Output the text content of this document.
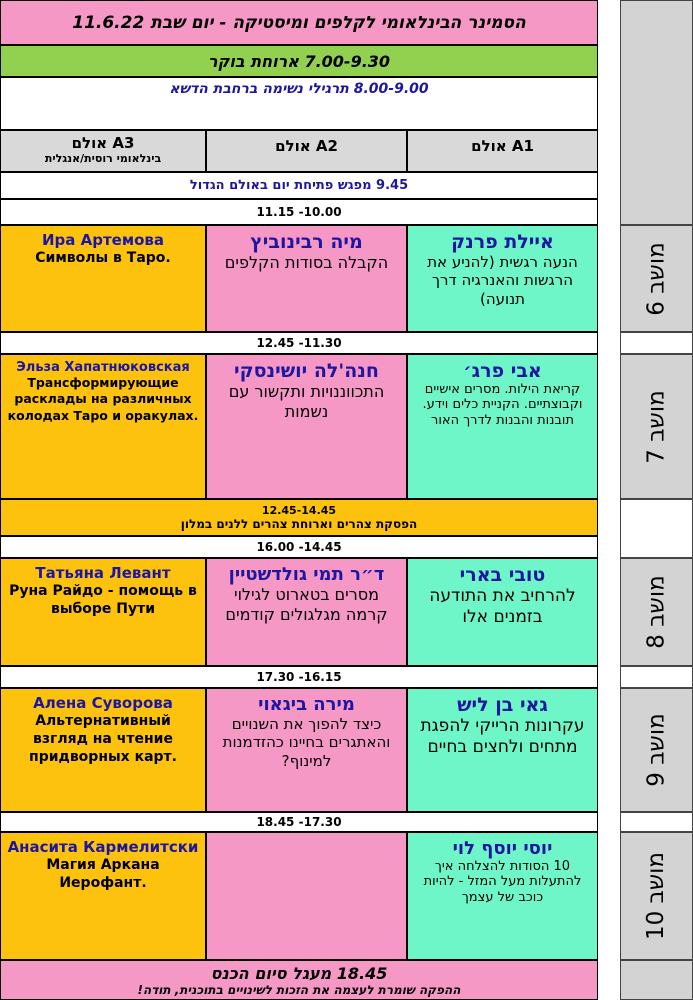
הסמינר הבינלאומי לקלפים ומיסטיקה - יום שבת 11.6.22
7.00-9.30 ארוחת בוקר
8.00-9.00 תרגילי נשימה ברחבת הדשא
אולם A3
בינלאומי רוסית/אנגלית
אולם A2	אולם A1
9.45 מפגש פתיחת יום באולם הגדול
10.00- 11.15
Ира Артемова
Символы в Таро.
מיה רבינוביץ
הקבלה בסודות הקלפים
איילת פרנק
הנעה רגשית (להניע את הרגשות והאנרגיה דרך תנועה)
11.30- 12.45
Эльза Хапатнюковская
Трансформирующие расклады на различных колодах Таро и оракулах.
חנה'לה יושינסקי
התכווננויות ותקשור עם נשמות
אבי פרג׳
קריאת הילות. מסרים אישיים וקבוצתיים. הקניית כלים וידע. תובנות והבנות לדרך האור
12.45-14.45
הפסקת צהרים וארוחת צהרים ללנים במלון
14.45- 16.00
Татьяна Левант
Руна Райдо - помощь в выборе Пути
ד״ר תמי גולדשטיין
מסרים בטארוט לגילוי קרמה מגלגולים קודמים
טובי בארי
להרחיב את התודעה בזמנים אלו
16.15- 17.30
Алена Суворова
Альтернативный взгляд на чтение придворных карт.
מירה ביגאוי
כיצד להפוך את השנויים והאתגרים בחיינו כהזדמנות למינוף?
גאי בן ליש
עקרונות הרייקי להפגת מתחים ולחצים בחיים
17.30- 18.45
Анасита Кармелитски
Магия Аркана Иерофант.
יוסי יוסף לוי
10 הסודות להצלחה איך להתעלות מעל המזל - להיות כוכב של עצמך
18.45 מעגל סיום הכנס
ההפקה שומרת לעצמה את הזכות לשינויים בתוכנית, תודה!
מושב 6
מושב 7
מושב 8
מושב 9
מושב 10
